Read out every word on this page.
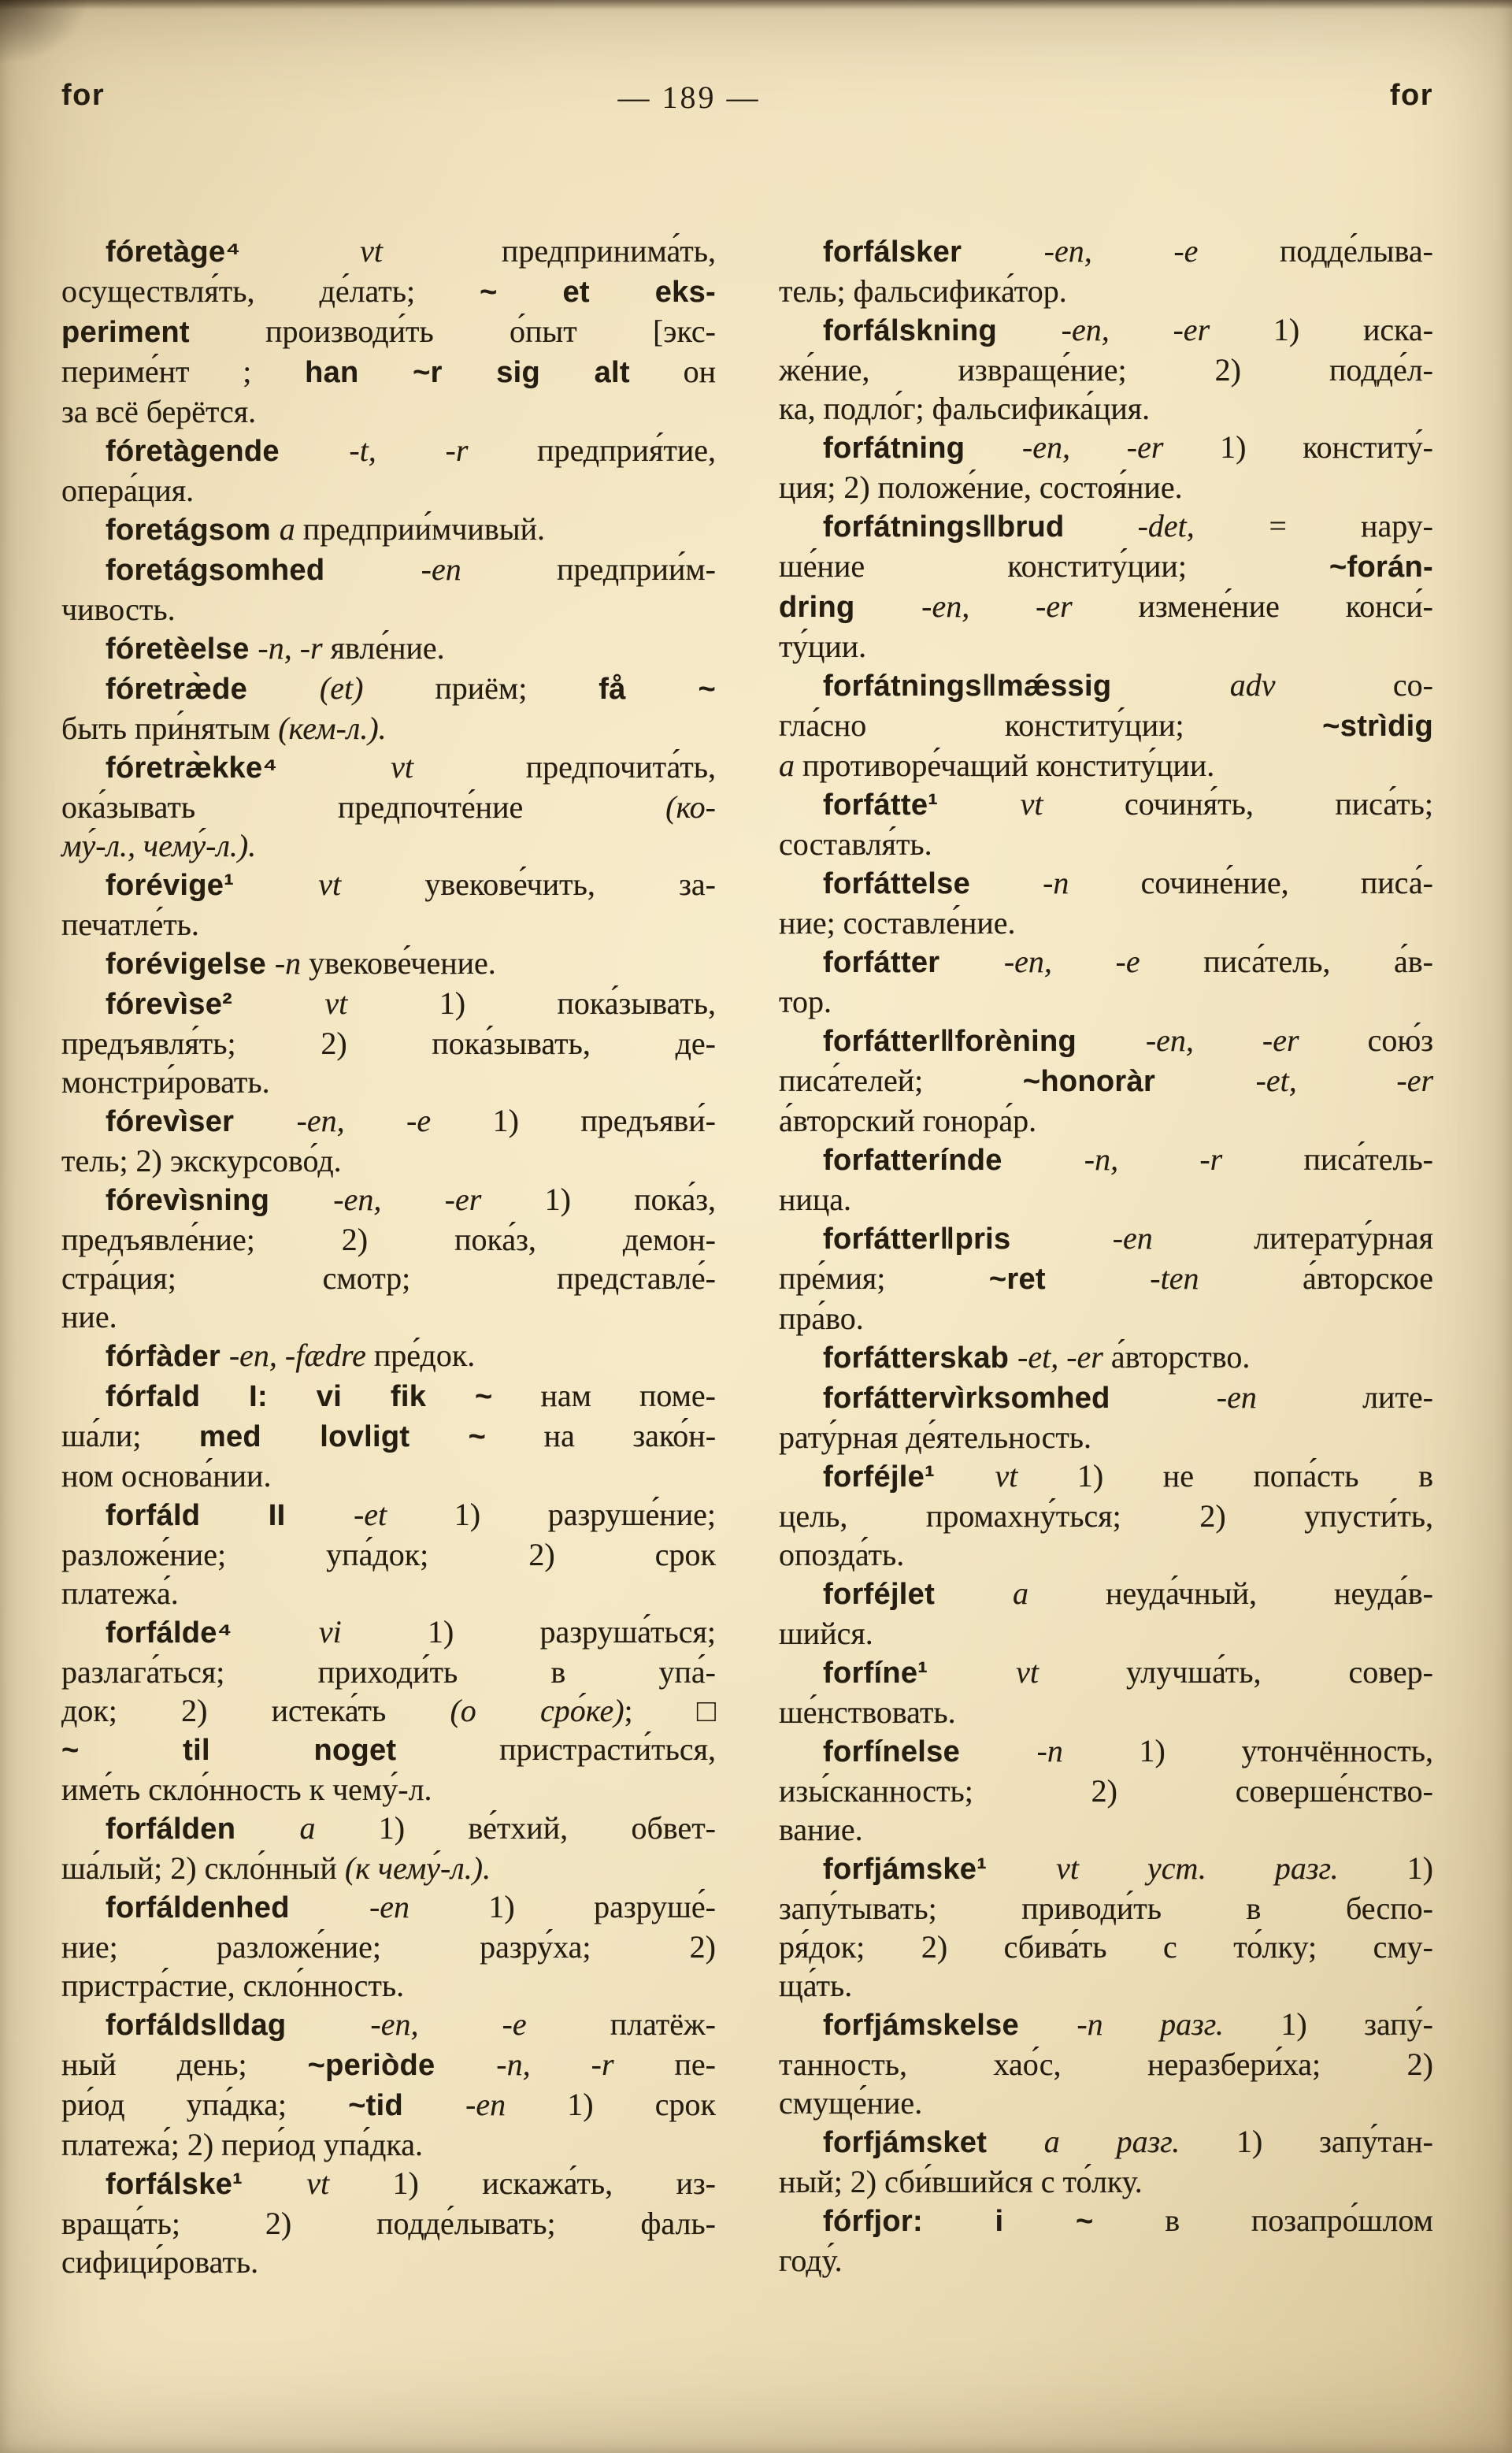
for	— 189 —	for

fóretàge⁴ vt предпринима́ть,
осуществля́ть, де́лать; ~ et eks-
periment производи́ть о́пыт [экс-
периме́нт ; han ~r sig alt он
за всё берётся.

fóretàgende -t, -r предприя́тие,
опера́ция.

foretágsom a предприи́мчивый.

foretágsomhed -en предприи́м-
чивость.

fóretèelse -n, -r явле́ние.

fóretræ̀de (et) приём; få ~
быть при́нятым (кем-л.).

fóretræ̀kke⁴ vt предпочита́ть,
ока́зывать предпочте́ние (ко-
му́-л., чему́-л.).

forévige¹ vt увекове́чить, за-
печатле́ть.

forévigelse -n увекове́чение.

fórevìse² vt 1) пока́зывать,
предъявля́ть; 2) пока́зывать, де-
монстри́ровать.

fórevìser -en, -e 1) предъяви́-
тель; 2) экскурсово́д.

fórevìsning -en, -er 1) пока́з,
предъявле́ние; 2) пока́з, демон-
стра́ция; смотр; представле́-
ние.

fórfàder -en, -fædre пре́док.

fórfald I: vi fik ~ нам поме-
ша́ли; med lovligt ~ на зако́н-
ном основа́нии.

forfáld II -et 1) разруше́ние;
разложе́ние; упа́док; 2) срок
платежа́.

forfálde⁴ vi 1) разруша́ться;
разлага́ться; приходи́ть в упа́-
док; 2) истека́ть (о сро́ке); □
~ til noget пристрасти́ться,
име́ть скло́нность к чему́-л.

forfálden a 1) ве́тхий, обвет-
ша́лый; 2) скло́нный (к чему́-л.).

forfáldenhed -en 1) разруше́-
ние; разложе́ние; разру́ха; 2)
пристра́стие, скло́нность.

forfálds‖dag -en, -e платёж-
ный день; ~periòde -n, -r пе-
ри́од упа́дка; ~tid -en 1) срок
платежа́; 2) пери́од упа́дка.

forfálske¹ vt 1) искажа́ть, из-
враща́ть; 2) подде́лывать; фаль-
сифици́ровать.

forfálsker -en, -e подде́лыва-
тель; фальсифика́тор.

forfálskning -en, -er 1) иска-
же́ние, извраще́ние; 2) подде́л-
ка, подло́г; фальсифика́ция.

forfátning -en, -er 1) конститу́-
ция; 2) положе́ние, состоя́ние.

forfátnings‖brud -det, = нару-
ше́ние конститу́ции; ~forán-
dring -en, -er измене́ние конси́-
ту́ции.

forfátnings‖mǽssig adv со-
гла́сно конститу́ции; ~strìdig
a противоре́чащий конститу́ции.

forfátte¹ vt сочиня́ть, писа́ть;
составля́ть.

forfáttelse -n сочине́ние, писа́-
ние; составле́ние.

forfátter -en, -e писа́тель, а́в-
тор.

forfátter‖forèning -en, -er сою́з
писа́телей; ~honoràr -et, -er
а́вторский гонора́р.

forfatterínde -n, -r писа́тель-
ница.

forfátter‖pris -en литерату́рная
пре́мия; ~ret -ten а́вторское
пра́во.

forfátterskab -et, -er а́вторство.

forfáttervìrksomhed -en лите-
рату́рная де́ятельность.

forféjle¹ vt 1) не попа́сть в
цель, промахну́ться; 2) упусти́ть,
опозда́ть.

forféjlet a неуда́чный, неуда́в-
шийся.

forfíne¹ vt улучша́ть, совер-
ше́нствовать.

forfínelse -n 1) утончённость,
изы́сканность; 2) соверше́нство-
вание.

forfjámske¹ vt уст. разг. 1)
запу́тывать; приводи́ть в беспо-
ря́док; 2) сбива́ть с то́лку; сму-
ща́ть.

forfjámskelse -n разг. 1) запу́-
танность, хао́с, неразбери́ха; 2)
смуще́ние.

forfjámsket a разг. 1) запу́тан-
ный; 2) сби́вшийся с то́лку.

fórfjor: i ~ в позапро́шлом
году́.
